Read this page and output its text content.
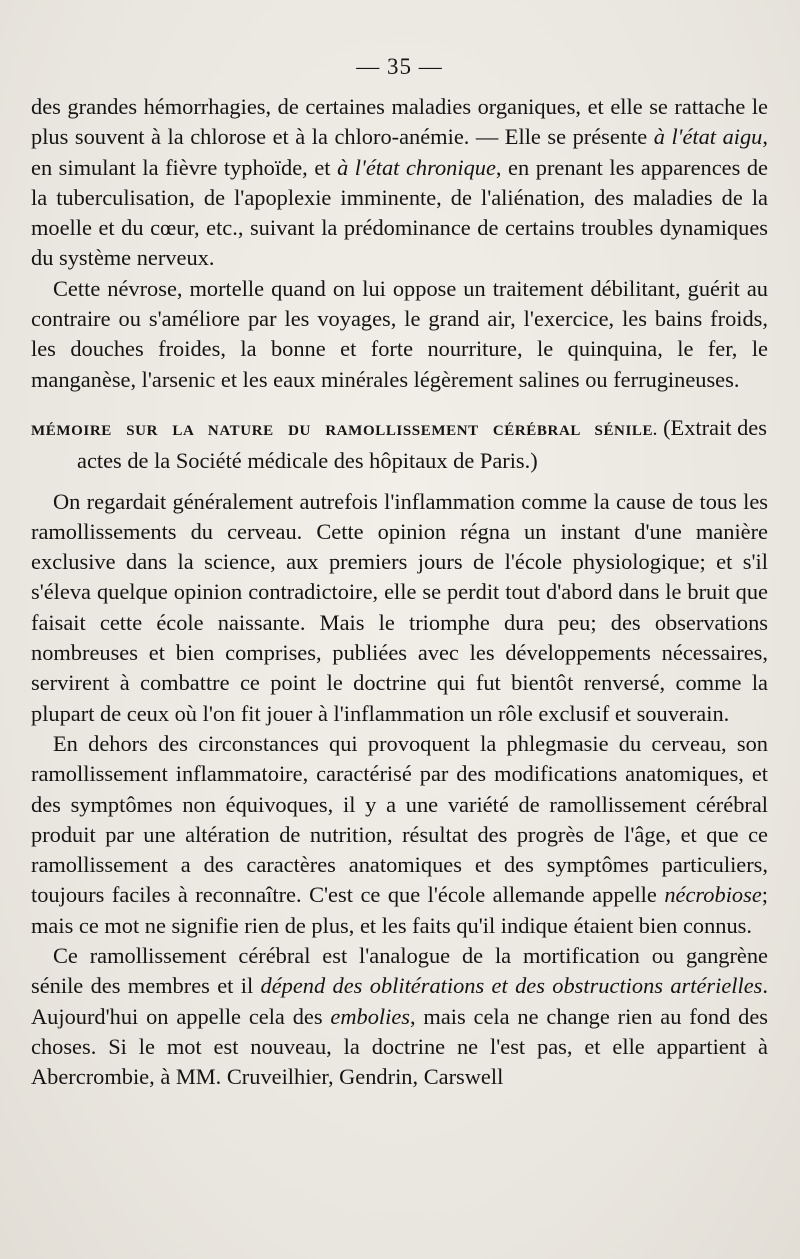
— 35 —

des grandes hémorrhagies, de certaines maladies organiques, et elle se rattache le plus souvent à la chlorose et à la chloro-anémie. — Elle se présente à l'état aigu, en simulant la fièvre typhoïde, et à l'état chronique, en prenant les apparences de la tuberculisation, de l'apoplexie imminente, de l'aliénation, des maladies de la moelle et du cœur, etc., suivant la prédominance de certains troubles dynamiques du système nerveux.

Cette névrose, mortelle quand on lui oppose un traitement débilitant, guérit au contraire ou s'améliore par les voyages, le grand air, l'exercice, les bains froids, les douches froides, la bonne et forte nourriture, le quinquina, le fer, le manganèse, l'arsenic et les eaux minérales légèrement salines ou ferrugineuses.

MÉMOIRE SUR LA NATURE DU RAMOLLISSEMENT CÉRÉBRAL SÉNILE. (Extrait des actes de la Société médicale des hôpitaux de Paris.)

On regardait généralement autrefois l'inflammation comme la cause de tous les ramollissements du cerveau. Cette opinion régna un instant d'une manière exclusive dans la science, aux premiers jours de l'école physiologique; et s'il s'éleva quelque opinion contradictoire, elle se perdit tout d'abord dans le bruit que faisait cette école naissante. Mais le triomphe dura peu; des observations nombreuses et bien comprises, publiées avec les développements nécessaires, servirent à combattre ce point le doctrine qui fut bientôt renversé, comme la plupart de ceux où l'on fit jouer à l'inflammation un rôle exclusif et souverain.

En dehors des circonstances qui provoquent la phlegmasie du cerveau, son ramollissement inflammatoire, caractérisé par des modifications anatomiques, et des symptômes non équivoques, il y a une variété de ramollissement cérébral produit par une altération de nutrition, résultat des progrès de l'âge, et que ce ramollissement a des caractères anatomiques et des symptômes particuliers, toujours faciles à reconnaître. C'est ce que l'école allemande appelle nécrobiose; mais ce mot ne signifie rien de plus, et les faits qu'il indique étaient bien connus.

Ce ramollissement cérébral est l'analogue de la mortification ou gangrène sénile des membres et il dépend des oblitérations et des obstructions artérielles. Aujourd'hui on appelle cela des embolies, mais cela ne change rien au fond des choses. Si le mot est nouveau, la doctrine ne l'est pas, et elle appartient à Abercrombie, à MM. Cruveilhier, Gendrin, Carswell
